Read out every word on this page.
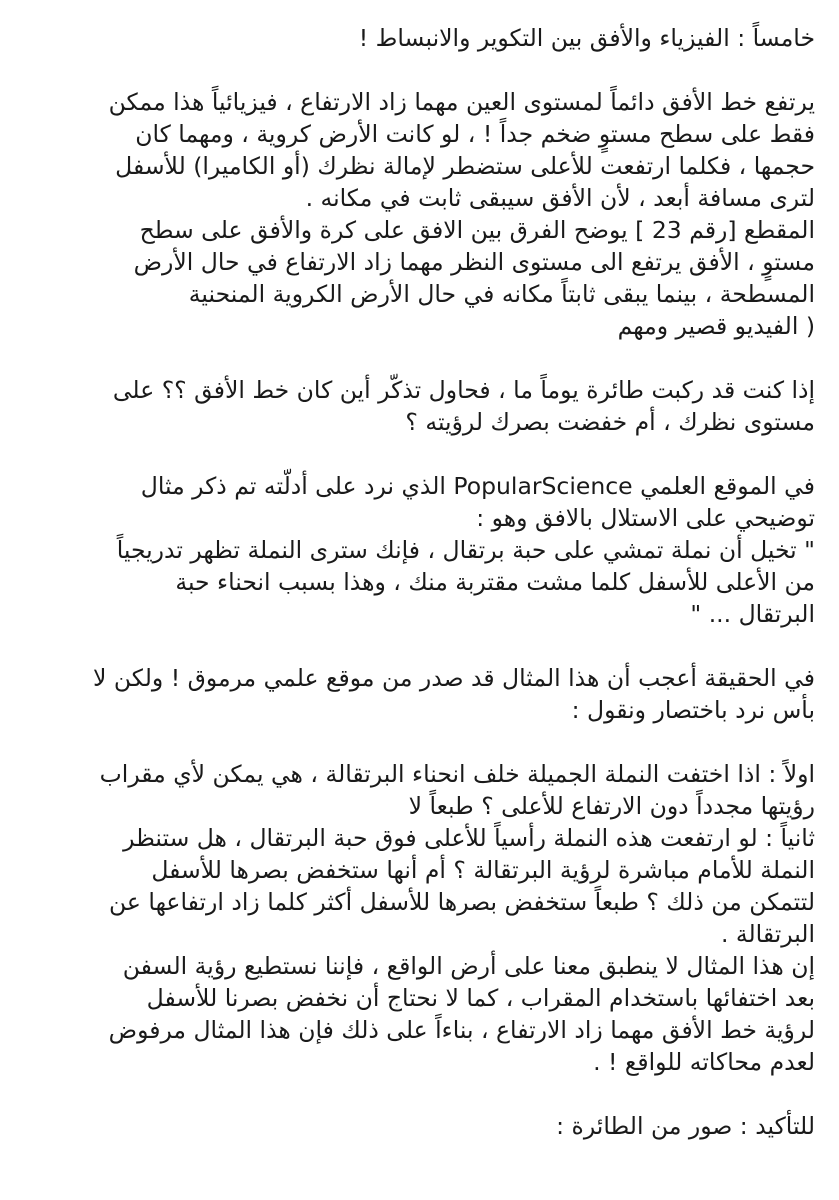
خامساً : الفيزياء والأفق بين التكوير والانبساط !
يرتفع خط الأفق دائماً لمستوى العين مهما زاد الارتفاع ، فيزيائياً هذا ممكن
فقط على سطح مستوٍ ضخم جداً ! ، لو كانت الأرض كروية ، ومهما كان
حجمها ، فكلما ارتفعت للأعلى ستضطر لإمالة نظرك (أو الكاميرا) للأسفل
لترى مسافة أبعد ، لأن الأفق سيبقى ثابت في مكانه .
المقطع [رقم 23 ] يوضح الفرق بين الافق على كرة والأفق على سطح
مستوٍ ، الأفق يرتفع الى مستوى النظر مهما زاد الارتفاع في حال الأرض
المسطحة ، بينما يبقى ثابتاً مكانه في حال الأرض الكروية المنحنية
( الفيديو قصير ومهم
إذا كنت قد ركبت طائرة يوماً ما ، فحاول تذكّر أين كان خط الأفق ؟؟ على
مستوى نظرك ، أم خفضت بصرك لرؤيته ؟
في الموقع العلمي PopularScience الذي نرد على أدلّته تم ذكر مثال
توضيحي على الاستلال بالافق وهو :
" تخيل أن نملة تمشي على حبة برتقال ، فإنك سترى النملة تظهر تدريجياً
من الأعلى للأسفل كلما مشت مقتربة منك ، وهذا بسبب انحناء حبة
البرتقال ... "
في الحقيقة أعجب أن هذا المثال قد صدر من موقع علمي مرموق ! ولكن لا
بأس نرد باختصار ونقول :
اولاً : اذا اختفت النملة الجميلة خلف انحناء البرتقالة ، هي يمكن لأي مقراب
رؤيتها مجدداً دون الارتفاع للأعلى ؟ طبعاً لا
ثانياً : لو ارتفعت هذه النملة رأسياً للأعلى فوق حبة البرتقال ، هل ستنظر
النملة للأمام مباشرة لرؤية البرتقالة ؟ أم أنها ستخفض بصرها للأسفل
لتتمكن من ذلك ؟ طبعاً ستخفض بصرها للأسفل أكثر كلما زاد ارتفاعها عن
البرتقالة .
إن هذا المثال لا ينطبق معنا على أرض الواقع ، فإننا نستطيع رؤية السفن
بعد اختفائها باستخدام المقراب ، كما لا نحتاج أن نخفض بصرنا للأسفل
لرؤية خط الأفق مهما زاد الارتفاع ، بناءاً على ذلك فإن هذا المثال مرفوض
لعدم محاكاته للواقع ! .
للتأكيد : صور من الطائرة :
